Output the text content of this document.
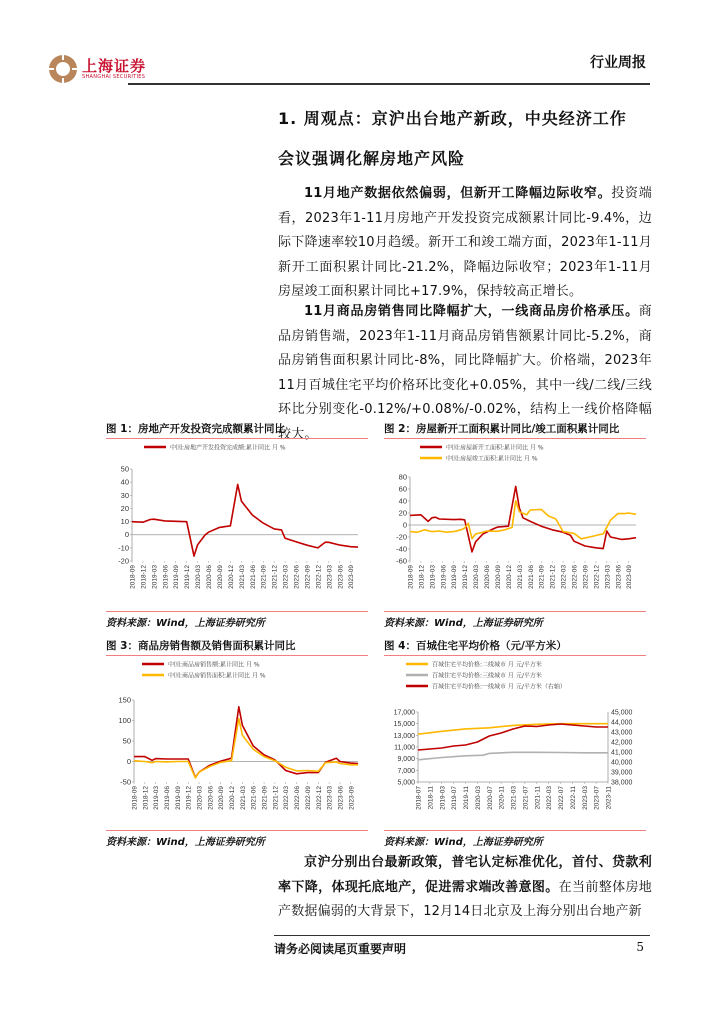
上海证券
SHANGHAI SECURITIES
行业周报
1. 周观点：京沪出台地产新政，中央经济工作
会议强调化解房地产风险
11月地产数据依然偏弱，但新开工降幅边际收窄。投资端看，2023年1-11月房地产开发投资完成额累计同比-9.4%，边际下降速率较10月趋缓。新开工和竣工端方面，2023年1-11月新开工面积累计同比-21.2%，降幅边际收窄；2023年1-11月房屋竣工面积累计同比+17.9%，保持较高正增长。
11月商品房销售同比降幅扩大，一线商品房价格承压。商品房销售端，2023年1-11月商品房销售额累计同比-5.2%，商品房销售面积累计同比-8%，同比降幅扩大。价格端，2023年11月百城住宅平均价格环比变化+0.05%，其中一线/二线/三线环比分别变化-0.12%/+0.08%/-0.02%，结构上一线价格降幅较大。
图 1：房地产开发投资完成额累计同比
-20
-10
0
10
20
30
40
50
2018-09 2018-12 2019-03 2019-06 2019-09 2019-12 2020-03 2020-06 2020-09 2020-12 2021-03 2021-06 2021-09 2021-12 2022-03 2022-06 2022-09 2022-12 2023-03 2023-06 2023-09
中国:房地产开发投资完成额:累计同比 月 %
资料来源：Wind，上海证券研究所
图 2：房屋新开工面积累计同比/竣工面积累计同比
-60
-40
-20
0
20
40
60
80
2018-09 2018-12 2019-03 2019-06 2019-09 2019-12 2020-03 2020-06 2020-09 2020-12 2021-03 2021-06 2021-09 2021-12 2022-03 2022-06 2022-09 2022-12 2023-03 2023-06 2023-09
中国:房屋新开工面积:累计同比 月 %
中国:房屋竣工面积:累计同比 月 %
资料来源：Wind，上海证券研究所
图 3：商品房销售额及销售面积累计同比
-50
0
50
100
150
2018-09 2018-12 2019-03 2019-06 2019-09 2019-12 2020-03 2020-06 2020-09 2020-12 2021-03 2021-06 2021-09 2021-12 2022-03 2022-06 2022-09 2022-12 2023-03 2023-06 2023-09
中国:商品房销售额:累计同比 月 %
中国:商品房销售面积:累计同比 月 %
资料来源：Wind，上海证券研究所
图 4：百城住宅平均价格（元/平方米）
5,000
7,000
9,000
11,000
13,000
15,000
17,000
38,000
39,000
40,000
41,000
42,000
43,000
44,000
45,000
2018-07 2018-11 2019-03 2019-07 2019-11 2020-03 2020-07 2020-11 2021-03 2021-07 2021-11 2022-03 2022-07 2022-11 2023-03 2023-07 2023-11
百城住宅平均价格:二线城市 月 元/平方米
百城住宅平均价格:三线城市 月 元/平方米
百城住宅平均价格:一线城市 月 元/平方米（右轴）
资料来源：Wind，上海证券研究所
京沪分别出台最新政策，普宅认定标准优化，首付、贷款利率下降，体现托底地产，促进需求端改善意图。在当前整体房地产数据偏弱的大背景下，12月14日北京及上海分别出台地产新
请务必阅读尾页重要声明	5
